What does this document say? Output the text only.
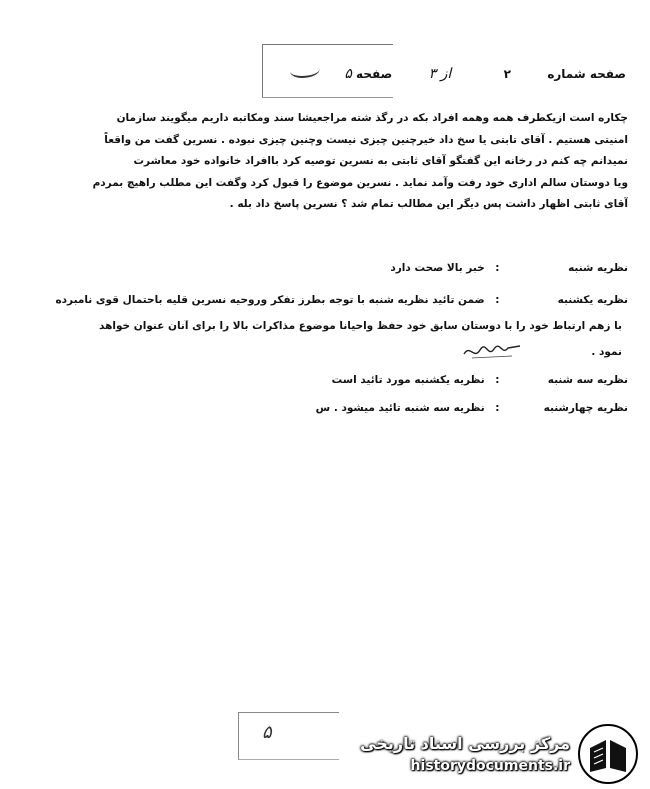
صفحه شماره  ۲  از ۳  صفحه ۵

چکاره است ازیکطرف همه وهمه افراد بکه در رگذ شته مراجعیشا سند ومکاتبه داریم میگویند سازمان

امنیتی هستیم . آقای تابتی یا سخ داد خیرچنین چیزی نیست وچنین چیزی نبوده . نسرین گفت من واقعاً

نمیدانم چه کنم در رخانه این گفتگو آقای ثابتی به نسرین توصیه کرد باافراد خانواده خود معاشرت

ویا دوستان سالم اداری خود رفت وآمد نماید . نسرین موضوع را قبول کرد وگفت این مطلب راهیچ بمردم

آقای ثابتی اظهار داشت پس دیگر این مطالب تمام شد ؟ نسرین پاسخ داد بله .

نظریه شنبه : خبر بالا صحت دارد
نظریه یکشنبه : ضمن تائید نظریه شنبه با توجه بطرز تفکر وروحیه نسرین قلیه باحتمال قوی نامبرده
با زهم ارتباط خود را با دوستان سابق خود حفظ واحیاناً موضوع مذاکرات بالا را برای آنان عنوان خواهد
نمود .
نظریه سه شنبه : نظریه یکشنبه مورد تائید است
نظریه چهارشنبه : نظریه سه شنبه تائید میشود . س
۵
مرکز بررسی اسناد تاریخی
historydocuments.ir
